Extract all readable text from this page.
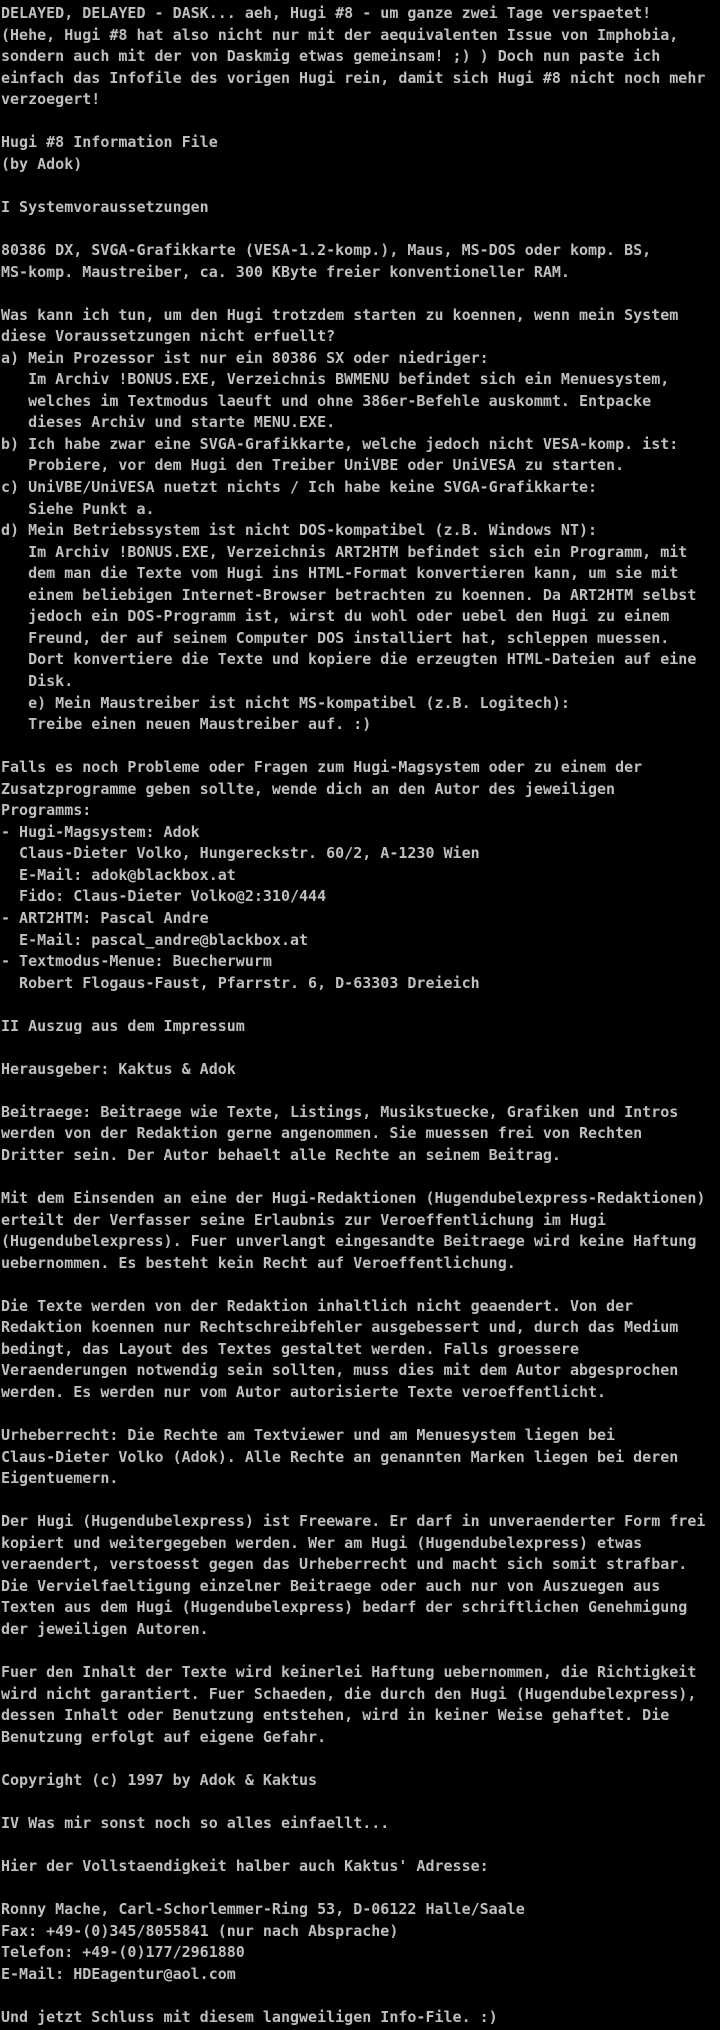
DELAYED, DELAYED - DASK... aeh, Hugi #8 - um ganze zwei Tage verspaetet!
(Hehe, Hugi #8 hat also nicht nur mit der aequivalenten Issue von Imphobia,
sondern auch mit der von Daskmig etwas gemeinsam! ;) ) Doch nun paste ich
einfach das Infofile des vorigen Hugi rein, damit sich Hugi #8 nicht noch mehr
verzoegert!

Hugi #8 Information File
(by Adok)

I Systemvoraussetzungen

80386 DX, SVGA-Grafikkarte (VESA-1.2-komp.), Maus, MS-DOS oder komp. BS,
MS-komp. Maustreiber, ca. 300 KByte freier konventioneller RAM.

Was kann ich tun, um den Hugi trotzdem starten zu koennen, wenn mein System
diese Voraussetzungen nicht erfuellt?
a) Mein Prozessor ist nur ein 80386 SX oder niedriger:
Im Archiv !BONUS.EXE, Verzeichnis BWMENU befindet sich ein Menuesystem,
welches im Textmodus laeuft und ohne 386er-Befehle auskommt. Entpacke
dieses Archiv und starte MENU.EXE.
b) Ich habe zwar eine SVGA-Grafikkarte, welche jedoch nicht VESA-komp. ist:
Probiere, vor dem Hugi den Treiber UniVBE oder UniVESA zu starten.
c) UniVBE/UniVESA nuetzt nichts / Ich habe keine SVGA-Grafikkarte:
Siehe Punkt a.
d) Mein Betriebssystem ist nicht DOS-kompatibel (z.B. Windows NT):
Im Archiv !BONUS.EXE, Verzeichnis ART2HTM befindet sich ein Programm, mit
dem man die Texte vom Hugi ins HTML-Format konvertieren kann, um sie mit
einem beliebigen Internet-Browser betrachten zu koennen. Da ART2HTM selbst
jedoch ein DOS-Programm ist, wirst du wohl oder uebel den Hugi zu einem
Freund, der auf seinem Computer DOS installiert hat, schleppen muessen.
Dort konvertiere die Texte und kopiere die erzeugten HTML-Dateien auf eine
Disk.
e) Mein Maustreiber ist nicht MS-kompatibel (z.B. Logitech):
Treibe einen neuen Maustreiber auf. :)

Falls es noch Probleme oder Fragen zum Hugi-Magsystem oder zu einem der
Zusatzprogramme geben sollte, wende dich an den Autor des jeweiligen
Programms:
- Hugi-Magsystem: Adok
Claus-Dieter Volko, Hungereckstr. 60/2, A-1230 Wien
E-Mail: adok@blackbox.at
Fido: Claus-Dieter Volko@2:310/444
- ART2HTM: Pascal Andre
E-Mail: pascal_andre@blackbox.at
- Textmodus-Menue: Buecherwurm
Robert Flogaus-Faust, Pfarrstr. 6, D-63303 Dreieich

II Auszug aus dem Impressum

Herausgeber: Kaktus & Adok

Beitraege: Beitraege wie Texte, Listings, Musikstuecke, Grafiken und Intros
werden von der Redaktion gerne angenommen. Sie muessen frei von Rechten
Dritter sein. Der Autor behaelt alle Rechte an seinem Beitrag.

Mit dem Einsenden an eine der Hugi-Redaktionen (Hugendubelexpress-Redaktionen)
erteilt der Verfasser seine Erlaubnis zur Veroeffentlichung im Hugi
(Hugendubelexpress). Fuer unverlangt eingesandte Beitraege wird keine Haftung
uebernommen. Es besteht kein Recht auf Veroeffentlichung.

Die Texte werden von der Redaktion inhaltlich nicht geaendert. Von der
Redaktion koennen nur Rechtschreibfehler ausgebessert und, durch das Medium
bedingt, das Layout des Textes gestaltet werden. Falls groessere
Veraenderungen notwendig sein sollten, muss dies mit dem Autor abgesprochen
werden. Es werden nur vom Autor autorisierte Texte veroeffentlicht.

Urheberrecht: Die Rechte am Textviewer und am Menuesystem liegen bei
Claus-Dieter Volko (Adok). Alle Rechte an genannten Marken liegen bei deren
Eigentuemern.

Der Hugi (Hugendubelexpress) ist Freeware. Er darf in unveraenderter Form frei
kopiert und weitergegeben werden. Wer am Hugi (Hugendubelexpress) etwas
veraendert, verstoesst gegen das Urheberrecht und macht sich somit strafbar.
Die Vervielfaeltigung einzelner Beitraege oder auch nur von Auszuegen aus
Texten aus dem Hugi (Hugendubelexpress) bedarf der schriftlichen Genehmigung
der jeweiligen Autoren.

Fuer den Inhalt der Texte wird keinerlei Haftung uebernommen, die Richtigkeit
wird nicht garantiert. Fuer Schaeden, die durch den Hugi (Hugendubelexpress),
dessen Inhalt oder Benutzung entstehen, wird in keiner Weise gehaftet. Die
Benutzung erfolgt auf eigene Gefahr.

Copyright (c) 1997 by Adok & Kaktus

IV Was mir sonst noch so alles einfaellt...

Hier der Vollstaendigkeit halber auch Kaktus' Adresse:

Ronny Mache, Carl-Schorlemmer-Ring 53, D-06122 Halle/Saale
Fax: +49-(0)345/8055841 (nur nach Absprache)
Telefon: +49-(0)177/2961880
E-Mail: HDEagentur@aol.com

Und jetzt Schluss mit diesem langweiligen Info-File. :)
